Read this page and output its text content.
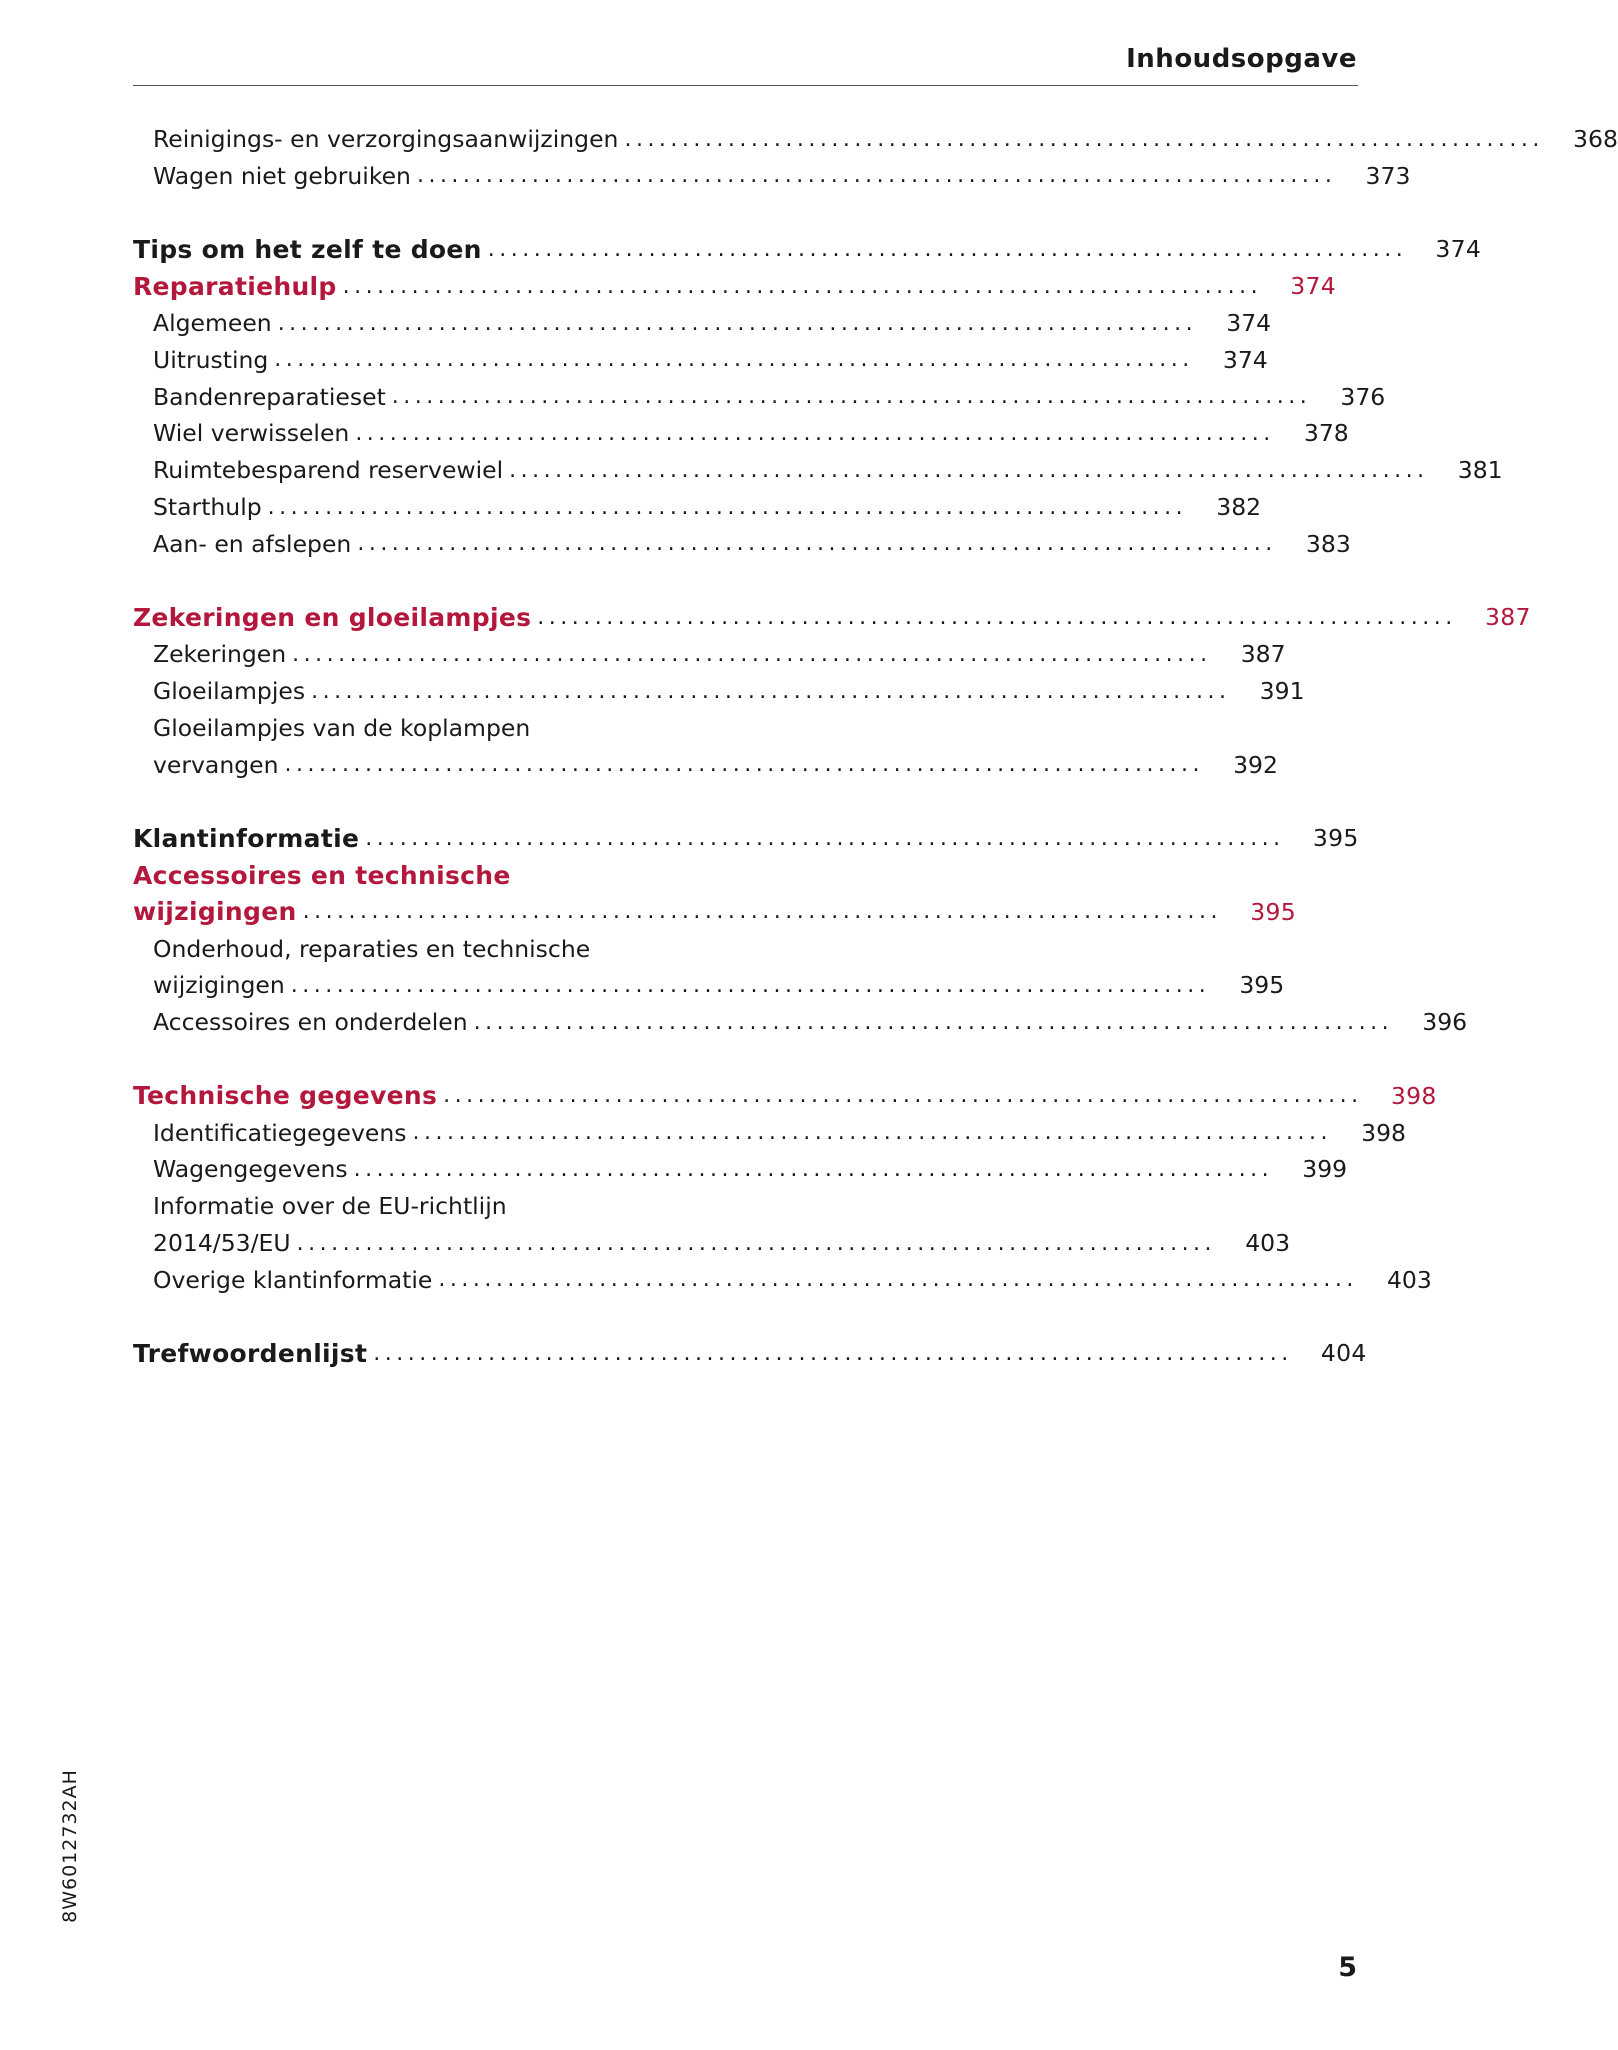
Inhoudsopgave
Reinigings- en verzorgingsaanwijzingen ................................................................................ 368
Wagen niet gebruiken ................................................................................ 373
Tips om het zelf te doen ................................................................................ 374
Reparatiehulp ................................................................................ 374
Algemeen ................................................................................ 374
Uitrusting ................................................................................ 374
Bandenreparatieset ................................................................................ 376
Wiel verwisselen ................................................................................ 378
Ruimtebesparend reservewiel ................................................................................ 381
Starthulp ................................................................................ 382
Aan- en afslepen ................................................................................ 383
Zekeringen en gloeilampjes ................................................................................ 387
Zekeringen ................................................................................ 387
Gloeilampjes ................................................................................ 391
Gloeilampjes van de koplampen
vervangen ................................................................................ 392
Klantinformatie ................................................................................ 395
Accessoires en technische
wijzigingen ................................................................................ 395
Onderhoud, reparaties en technische
wijzigingen ................................................................................ 395
Accessoires en onderdelen ................................................................................ 396
Technische gegevens ................................................................................ 398
Identificatiegegevens ................................................................................ 398
Wagengegevens ................................................................................ 399
Informatie over de EU-richtlijn
2014/53/EU ................................................................................ 403
Overige klantinformatie ................................................................................ 403
Trefwoordenlijst ................................................................................ 404
8W6012732AH
5
